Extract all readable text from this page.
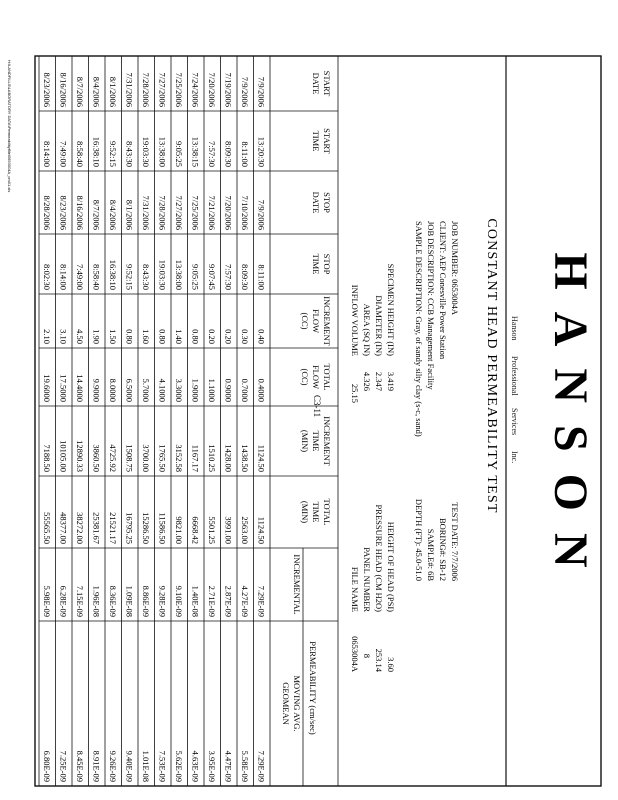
HANSON
Hanson
Professional
Services
Inc.
CONSTANT HEAD PERMEABILITY TEST
JOB NUMBER: 0653004A
CLIENT: AEP Conesville Power Station
JOB DESCRIPTION: CCB Management Facility
SAMPLE DESCRIPTION: Gray, of sandy silty clay (s-c, sand)
TEST DATE: 7/7/2006
BORING#: SB-12
SAMPLE#: 6B
DEPTH (FT): 45.0-51.0
SPECIMEN HEIGHT (IN)
3.419
DIAMETER (IN)
2.347
AREA (SQ IN)
4.326
INFLOW VOLUME
25.15
HEIGHT OF HEAD (PSI)
3.60
PRESSURE HEAD (CM H2O)
253.14
PANEL NUMBER
8
FILE NAME
0653004A
START
DATE
START
TIME
STOP
DATE
STOP
TIME
INCREMENT
FLOW
(CC)
TOTAL
FLOW
(CC)
INCREMENT
TIME
(MIN)
TOTAL
TIME
(MIN)
INCREMENTAL
MOVING AVG.
GEOMEAN PERMEABILITY (cm/sec)
7/9/2006
13:20:30
7/9/2006
8:11:00
0.40
0.4000
1124.50
1124.50
7.29E-09
7.29E-09
7/9/2006
8:11:00
7/10/2006
8:09:30
0.30
0.7000
1438.50
2563.00
4.27E-09
5.58E-09
7/19/2006
8:09:30
7/20/2006
7:57:30
0.20
0.9000
1428.00
3991.00
2.87E-09
4.47E-09
7/20/2006
7:57:30
7/21/2006
9:07:45
0.20
1.1000
1510.25
5501.25
2.71E-09
3.95E-09
7/24/2006
13:38:15
7/25/2006
9:05:25
0.80
1.9000
1167.17
6668.42
1.40E-08
4.63E-09
7/25/2006
9:05:25
7/27/2006
13:38:00
1.40
3.3000
3152.58
9821.00
9.10E-09
5.62E-09
7/27/2006
13:38:00
7/28/2006
19:03:30
0.80
4.1000
1765.50
11586.50
9.28E-09
7.53E-09
7/28/2006
19:03:30
7/31/2006
8:43:30
1.60
5.7000
3700.00
15286.50
8.86E-09
1.01E-08
7/31/2006
8:43:30
8/1/2006
9:52:15
0.80
6.5000
1508.75
16795.25
1.09E-08
9.40E-09
8/1/2006
9:52:15
8/4/2006
16:38:10
1.50
8.0000
4725.92
21521.17
8.36E-09
9.26E-09
8/4/2006
16:38:10
8/7/2006
8:58:40
1.90
9.9000
3860.50
25381.67
1.96E-08
8.91E-09
8/7/2006
8:58:40
8/16/2006
7:49:00
4.50
14.4000
12890.33
38272.00
7.15E-09
8.45E-09
8/16/2006
7:49:00
8/23/2006
8:14:00
3.10
17.5000
10105.00
48377.00
6.28E-09
7.25E-09
8/23/2006
8:14:00
8/28/2006
8:02:30
2.10
19.6000
7188.50
55565.50
5.98E-09
6.80E-09
C3-11
H:\LANDFILLS\LABORATORY DATA\Permeabilityffile\0653004A_cm01.xls
